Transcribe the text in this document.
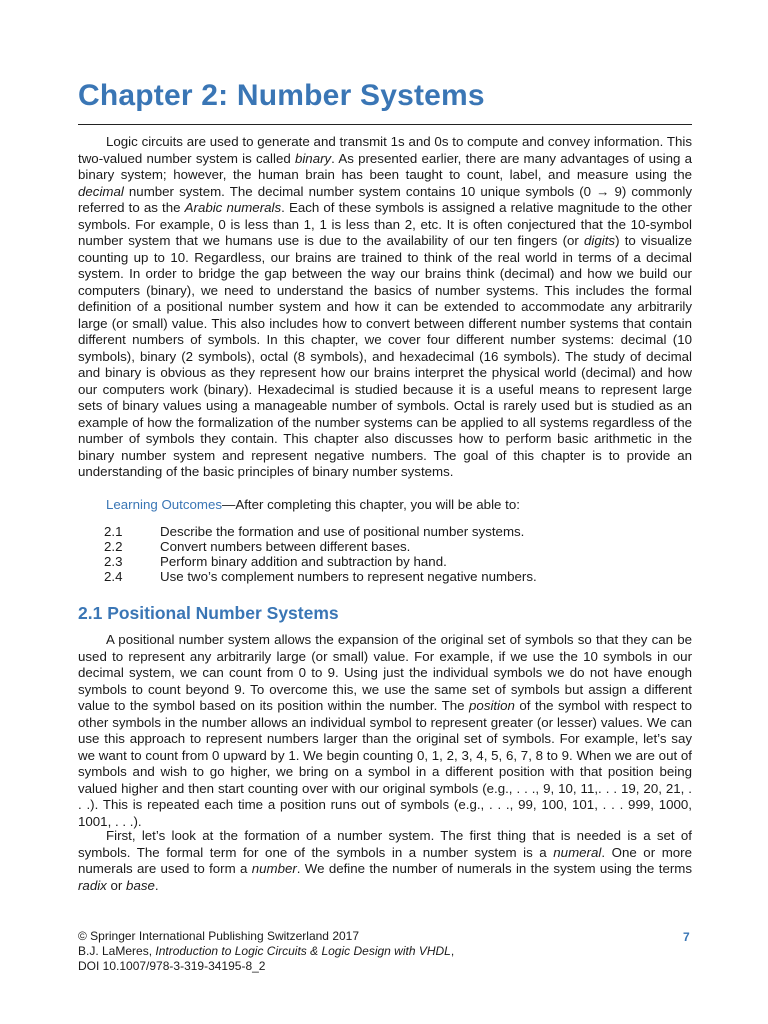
Chapter 2: Number Systems

Logic circuits are used to generate and transmit 1s and 0s to compute and convey information. This two-valued number system is called binary. As presented earlier, there are many advantages of using a binary system; however, the human brain has been taught to count, label, and measure using the decimal number system. The decimal number system contains 10 unique symbols (0 → 9) commonly referred to as the Arabic numerals. Each of these symbols is assigned a relative magnitude to the other symbols. For example, 0 is less than 1, 1 is less than 2, etc. It is often conjectured that the 10-symbol number system that we humans use is due to the availability of our ten fingers (or digits) to visualize counting up to 10. Regardless, our brains are trained to think of the real world in terms of a decimal system. In order to bridge the gap between the way our brains think (decimal) and how we build our computers (binary), we need to understand the basics of number systems. This includes the formal definition of a positional number system and how it can be extended to accommodate any arbitrarily large (or small) value. This also includes how to convert between different number systems that contain different numbers of symbols. In this chapter, we cover four different number systems: decimal (10 symbols), binary (2 symbols), octal (8 symbols), and hexadecimal (16 symbols). The study of decimal and binary is obvious as they represent how our brains interpret the physical world (decimal) and how our computers work (binary). Hexadecimal is studied because it is a useful means to represent large sets of binary values using a manageable number of symbols. Octal is rarely used but is studied as an example of how the formalization of the number systems can be applied to all systems regardless of the number of symbols they contain. This chapter also discusses how to perform basic arithmetic in the binary number system and represent negative numbers. The goal of this chapter is to provide an understanding of the basic principles of binary number systems.

Learning Outcomes—After completing this chapter, you will be able to:

2.1	Describe the formation and use of positional number systems.
2.2	Convert numbers between different bases.
2.3	Perform binary addition and subtraction by hand.
2.4	Use two’s complement numbers to represent negative numbers.
2.1 Positional Number Systems

A positional number system allows the expansion of the original set of symbols so that they can be used to represent any arbitrarily large (or small) value. For example, if we use the 10 symbols in our decimal system, we can count from 0 to 9. Using just the individual symbols we do not have enough symbols to count beyond 9. To overcome this, we use the same set of symbols but assign a different value to the symbol based on its position within the number. The position of the symbol with respect to other symbols in the number allows an individual symbol to represent greater (or lesser) values. We can use this approach to represent numbers larger than the original set of symbols. For example, let’s say we want to count from 0 upward by 1. We begin counting 0, 1, 2, 3, 4, 5, 6, 7, 8 to 9. When we are out of symbols and wish to go higher, we bring on a symbol in a different position with that position being valued higher and then start counting over with our original symbols (e.g., . . ., 9, 10, 11,. . . 19, 20, 21, . . .). This is repeated each time a position runs out of symbols (e.g., . . ., 99, 100, 101, . . . 999, 1000, 1001, . . .).

First, let’s look at the formation of a number system. The first thing that is needed is a set of symbols. The formal term for one of the symbols in a number system is a numeral. One or more numerals are used to form a number. We define the number of numerals in the system using the terms radix or base.

© Springer International Publishing Switzerland 2017
B.J. LaMeres, Introduction to Logic Circuits & Logic Design with VHDL,
DOI 10.1007/978-3-319-34195-8_2
7
